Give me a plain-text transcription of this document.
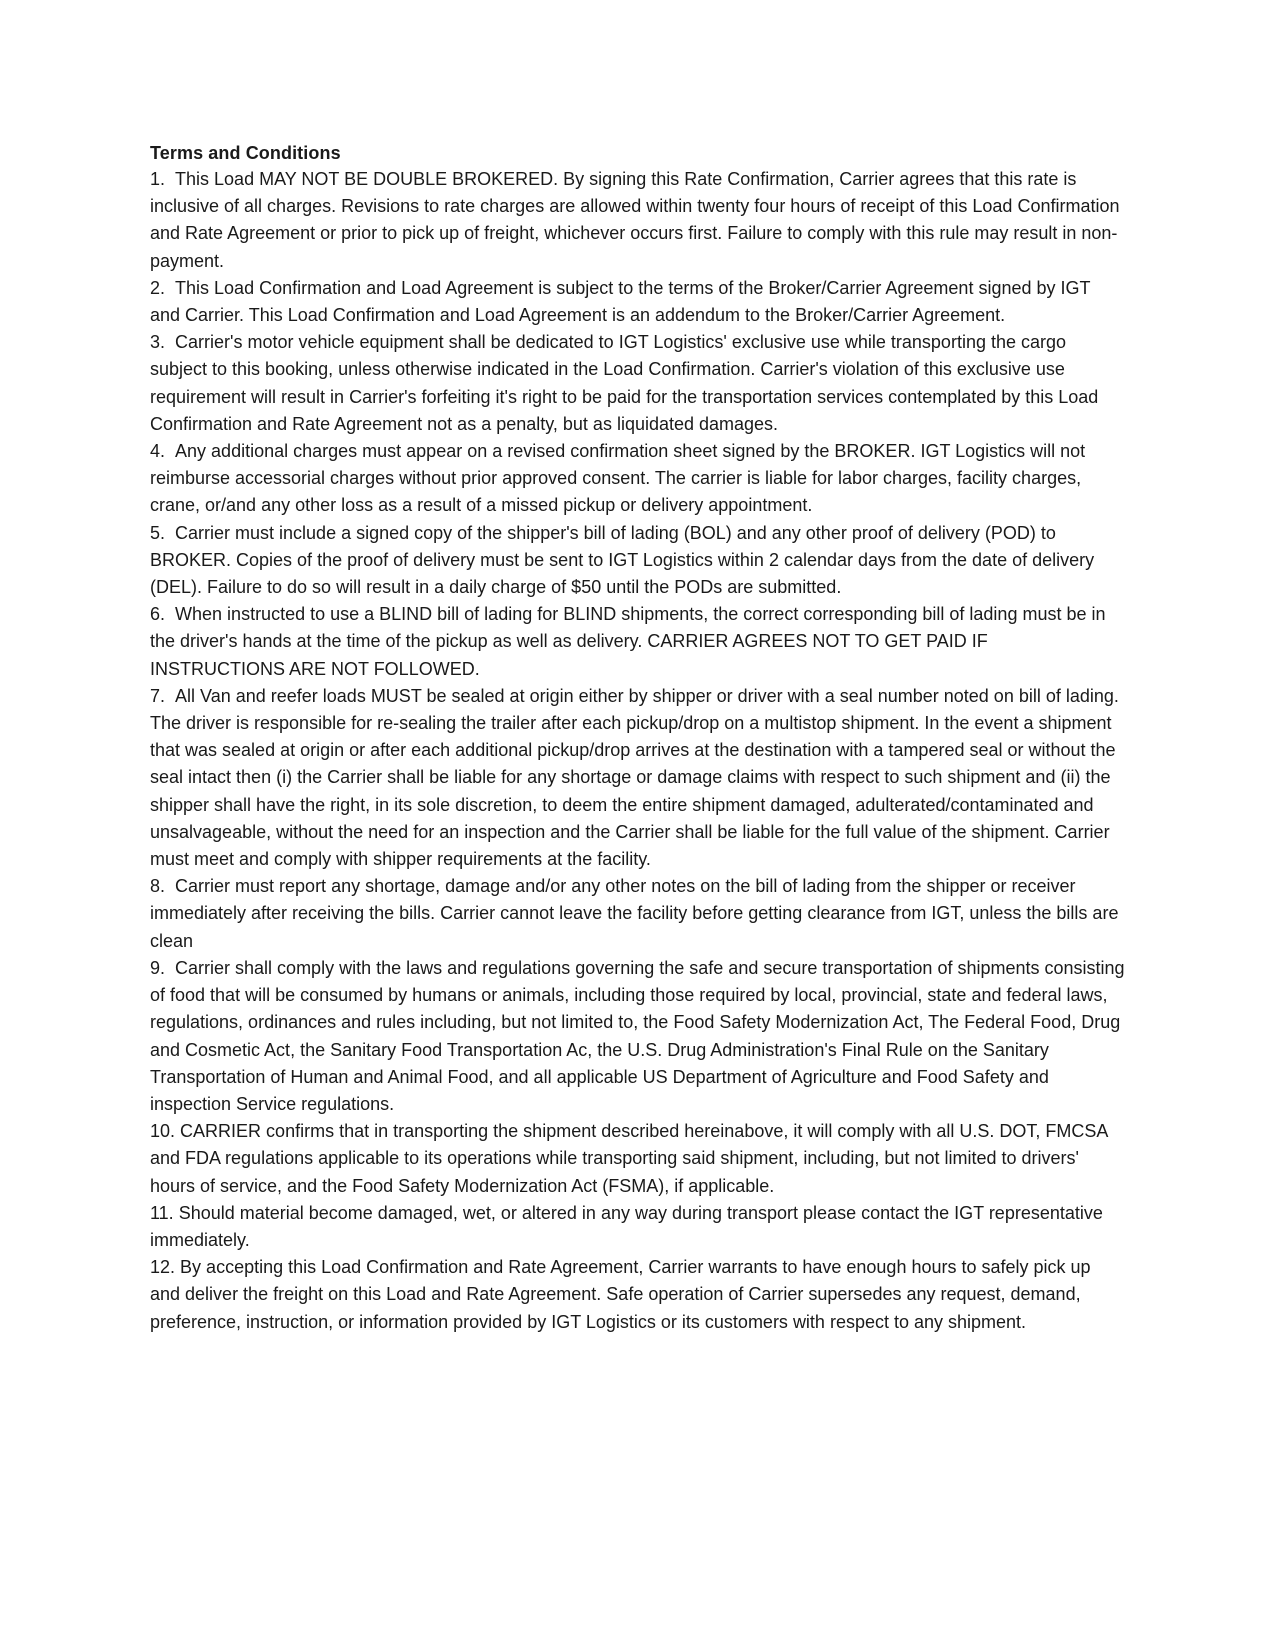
Terms and Conditions
1. This Load MAY NOT BE DOUBLE BROKERED. By signing this Rate Confirmation, Carrier agrees that this rate is inclusive of all charges. Revisions to rate charges are allowed within twenty four hours of receipt of this Load Confirmation and Rate Agreement or prior to pick up of freight, whichever occurs first. Failure to comply with this rule may result in non-payment.
2. This Load Confirmation and Load Agreement is subject to the terms of the Broker/Carrier Agreement signed by IGT and Carrier. This Load Confirmation and Load Agreement is an addendum to the Broker/Carrier Agreement.
3. Carrier's motor vehicle equipment shall be dedicated to IGT Logistics' exclusive use while transporting the cargo subject to this booking, unless otherwise indicated in the Load Confirmation. Carrier's violation of this exclusive use requirement will result in Carrier's forfeiting it's right to be paid for the transportation services contemplated by this Load Confirmation and Rate Agreement not as a penalty, but as liquidated damages.
4. Any additional charges must appear on a revised confirmation sheet signed by the BROKER. IGT Logistics will not reimburse accessorial charges without prior approved consent. The carrier is liable for labor charges, facility charges, crane, or/and any other loss as a result of a missed pickup or delivery appointment.
5. Carrier must include a signed copy of the shipper's bill of lading (BOL) and any other proof of delivery (POD) to BROKER. Copies of the proof of delivery must be sent to IGT Logistics within 2 calendar days from the date of delivery (DEL). Failure to do so will result in a daily charge of $50 until the PODs are submitted.
6. When instructed to use a BLIND bill of lading for BLIND shipments, the correct corresponding bill of lading must be in the driver's hands at the time of the pickup as well as delivery. CARRIER AGREES NOT TO GET PAID IF INSTRUCTIONS ARE NOT FOLLOWED.
7. All Van and reefer loads MUST be sealed at origin either by shipper or driver with a seal number noted on bill of lading. The driver is responsible for re-sealing the trailer after each pickup/drop on a multistop shipment. In the event a shipment that was sealed at origin or after each additional pickup/drop arrives at the destination with a tampered seal or without the seal intact then (i) the Carrier shall be liable for any shortage or damage claims with respect to such shipment and (ii) the shipper shall have the right, in its sole discretion, to deem the entire shipment damaged, adulterated/contaminated and unsalvageable, without the need for an inspection and the Carrier shall be liable for the full value of the shipment. Carrier must meet and comply with shipper requirements at the facility.
8. Carrier must report any shortage, damage and/or any other notes on the bill of lading from the shipper or receiver immediately after receiving the bills. Carrier cannot leave the facility before getting clearance from IGT, unless the bills are clean
9. Carrier shall comply with the laws and regulations governing the safe and secure transportation of shipments consisting of food that will be consumed by humans or animals, including those required by local, provincial, state and federal laws, regulations, ordinances and rules including, but not limited to, the Food Safety Modernization Act, The Federal Food, Drug and Cosmetic Act, the Sanitary Food Transportation Ac, the U.S. Drug Administration's Final Rule on the Sanitary Transportation of Human and Animal Food, and all applicable US Department of Agriculture and Food Safety and inspection Service regulations.
10. CARRIER confirms that in transporting the shipment described hereinabove, it will comply with all U.S. DOT, FMCSA and FDA regulations applicable to its operations while transporting said shipment, including, but not limited to drivers' hours of service, and the Food Safety Modernization Act (FSMA), if applicable.
11. Should material become damaged, wet, or altered in any way during transport please contact the IGT representative immediately.
12. By accepting this Load Confirmation and Rate Agreement, Carrier warrants to have enough hours to safely pick up and deliver the freight on this Load and Rate Agreement. Safe operation of Carrier supersedes any request, demand, preference, instruction, or information provided by IGT Logistics or its customers with respect to any shipment.
